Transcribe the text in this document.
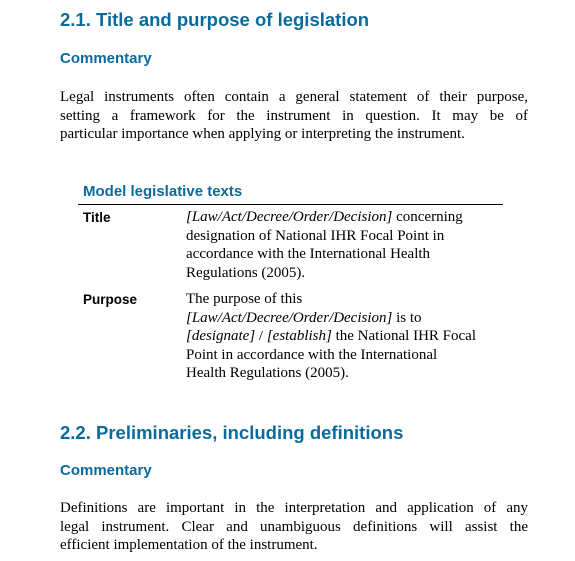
2.1. Title and purpose of legislation
Commentary
Legal instruments often contain a general statement of their purpose,
setting a framework for the instrument in question. It may be of
particular importance when applying or interpreting the instrument.
Model legislative texts

Title	[Law/Act/Decree/Order/Decision] concerning
designation of National IHR Focal Point in
accordance with the International Health
Regulations (2005).

Purpose	The purpose of this
[Law/Act/Decree/Order/Decision] is to
[designate] / [establish] the National IHR Focal
Point in accordance with the International
Health Regulations (2005).
2.2. Preliminaries, including definitions
Commentary
Definitions are important in the interpretation and application of any
legal instrument. Clear and unambiguous definitions will assist the
efficient implementation of the instrument.
